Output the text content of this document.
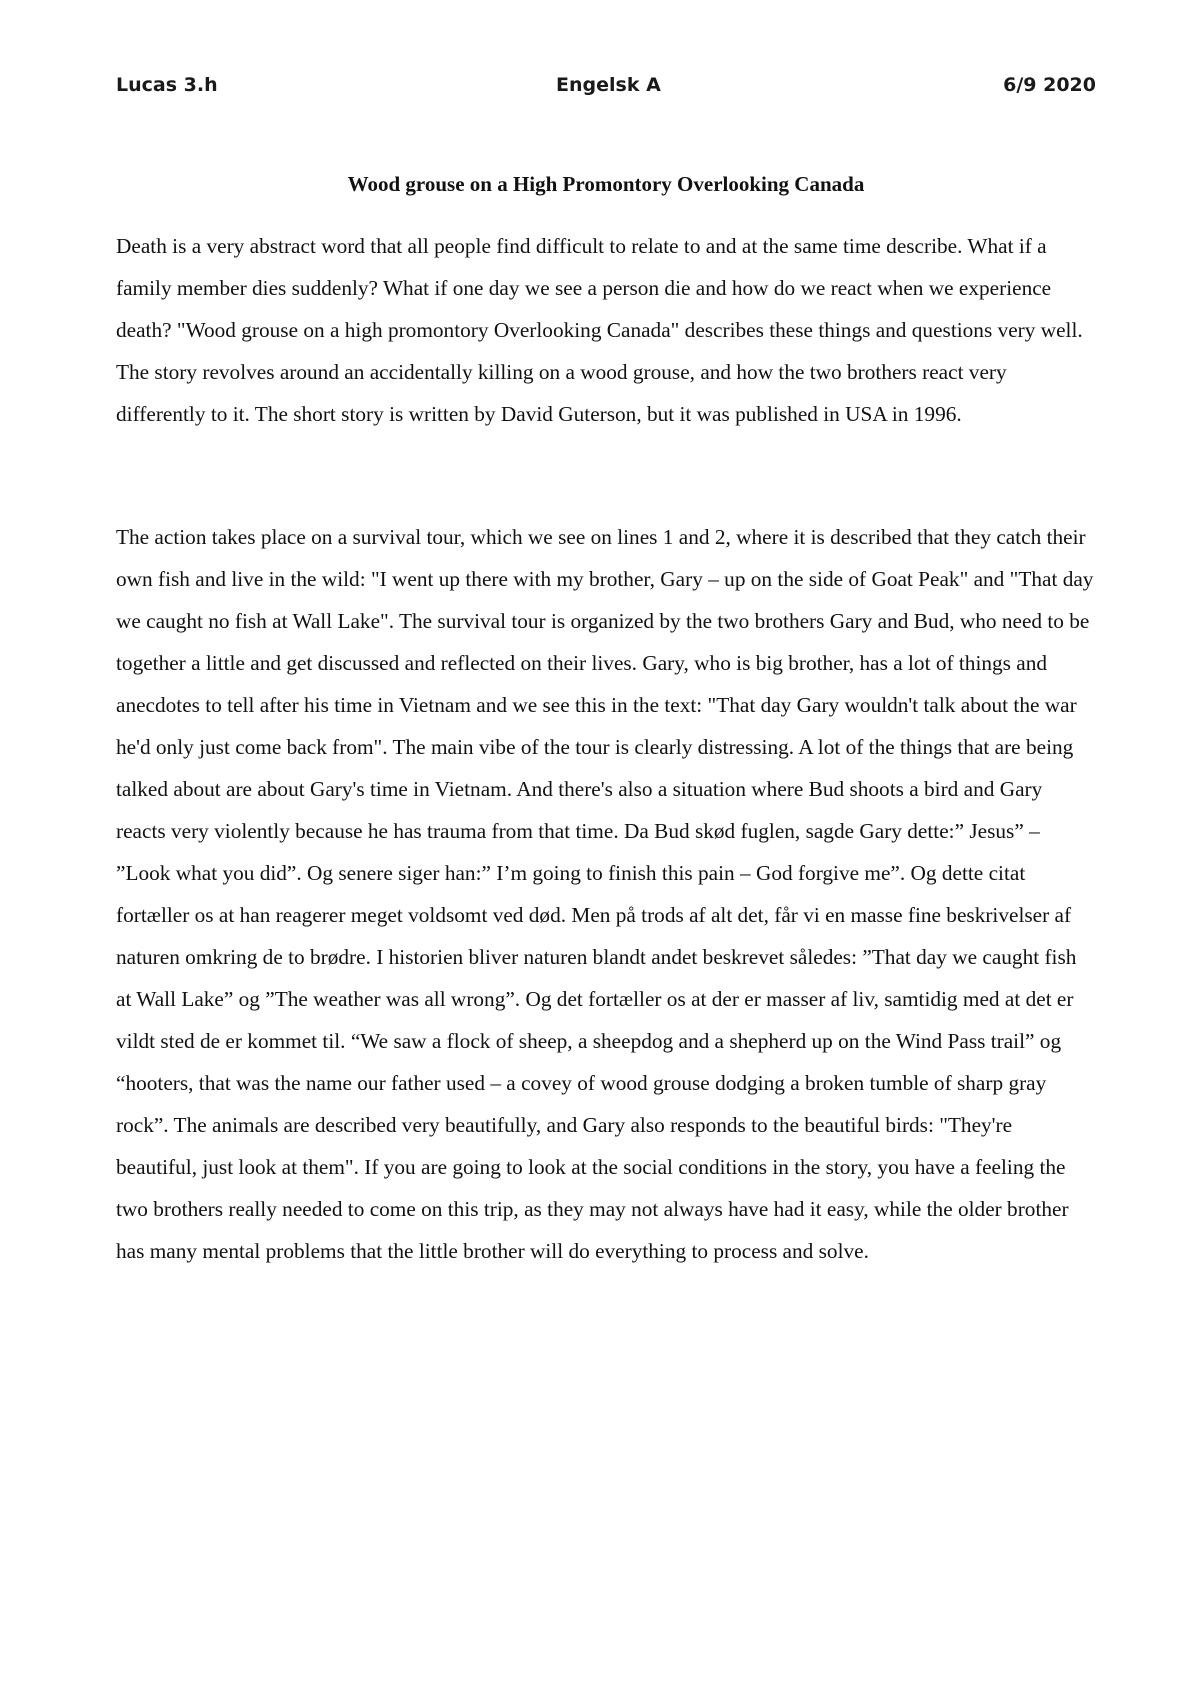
Lucas 3.h	Engelsk A	6/9 2020
Wood grouse on a High Promontory Overlooking Canada

Death is a very abstract word that all people find difficult to relate to and at the same time describe. What if a family member dies suddenly? What if one day we see a person die and how do we react when we experience death? "Wood grouse on a high promontory Overlooking Canada" describes these things and questions very well. The story revolves around an accidentally killing on a wood grouse, and how the two brothers react very differently to it. The short story is written by David Guterson, but it was published in USA in 1996.

The action takes place on a survival tour, which we see on lines 1 and 2, where it is described that they catch their own fish and live in the wild: "I went up there with my brother, Gary – up on the side of Goat Peak" and "That day we caught no fish at Wall Lake". The survival tour is organized by the two brothers Gary and Bud, who need to be together a little and get discussed and reflected on their lives. Gary, who is big brother, has a lot of things and anecdotes to tell after his time in Vietnam and we see this in the text: "That day Gary wouldn't talk about the war he'd only just come back from". The main vibe of the tour is clearly distressing. A lot of the things that are being talked about are about Gary's time in Vietnam. And there's also a situation where Bud shoots a bird and Gary reacts very violently because he has trauma from that time. Da Bud skød fuglen, sagde Gary dette:” Jesus” – ”Look what you did”. Og senere siger han:” I’m going to finish this pain – God forgive me”. Og dette citat fortæller os at han reagerer meget voldsomt ved død. Men på trods af alt det, får vi en masse fine beskrivelser af naturen omkring de to brødre. I historien bliver naturen blandt andet beskrevet således: ”That day we caught fish at Wall Lake” og ”The weather was all wrong”. Og det fortæller os at der er masser af liv, samtidig med at det er vildt sted de er kommet til. “We saw a flock of sheep, a sheepdog and a shepherd up on the Wind Pass trail” og “hooters, that was the name our father used – a covey of wood grouse dodging a broken tumble of sharp gray rock”. The animals are described very beautifully, and Gary also responds to the beautiful birds: "They're beautiful, just look at them". If you are going to look at the social conditions in the story, you have a feeling the two brothers really needed to come on this trip, as they may not always have had it easy, while the older brother has many mental problems that the little brother will do everything to process and solve.
